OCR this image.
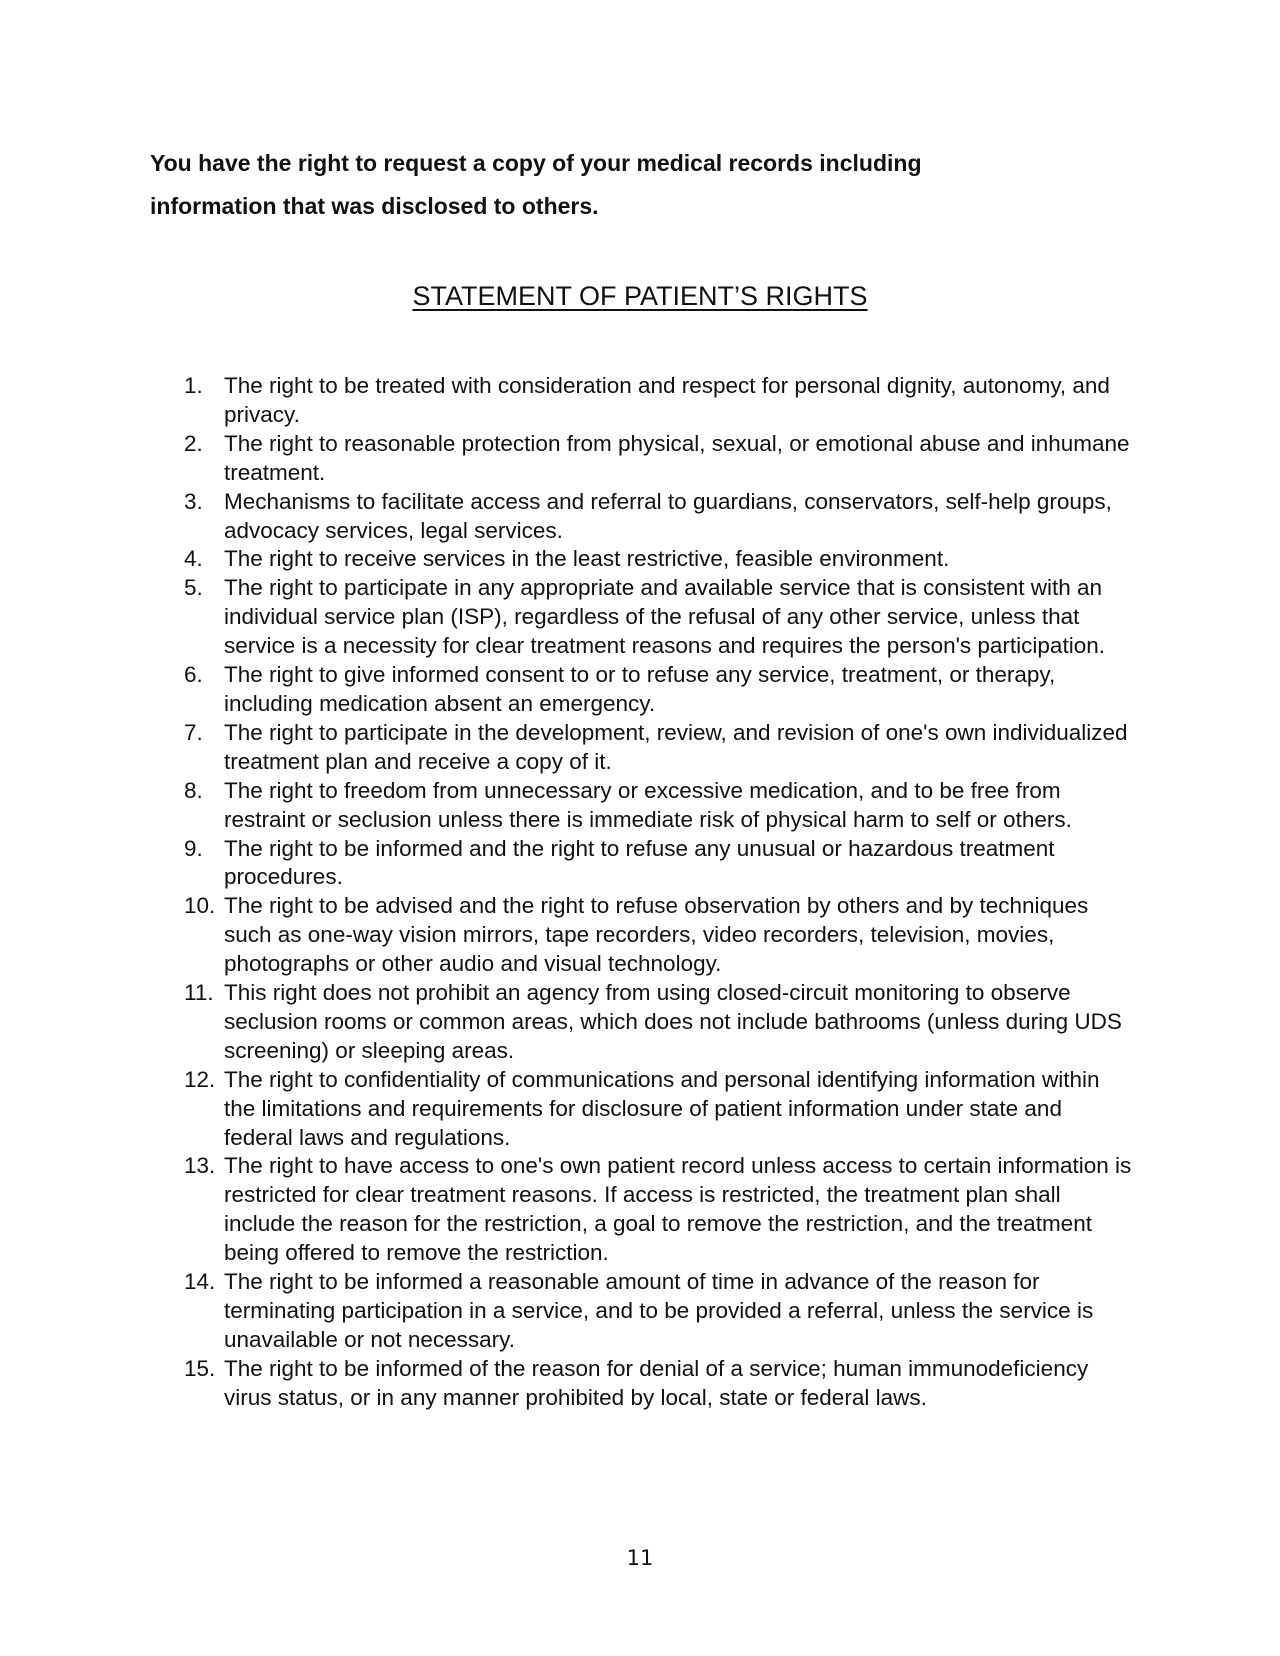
You have the right to request a copy of your medical records including
information that was disclosed to others.

STATEMENT OF PATIENT’S RIGHTS
1. The right to be treated with consideration and respect for personal dignity, autonomy, and privacy.
2. The right to reasonable protection from physical, sexual, or emotional abuse and inhumane treatment.
3. Mechanisms to facilitate access and referral to guardians, conservators, self-help groups, advocacy services, legal services.
4. The right to receive services in the least restrictive, feasible environment.
5. The right to participate in any appropriate and available service that is consistent with an individual service plan (ISP), regardless of the refusal of any other service, unless that service is a necessity for clear treatment reasons and requires the person's participation.
6. The right to give informed consent to or to refuse any service, treatment, or therapy, including medication absent an emergency.
7. The right to participate in the development, review, and revision of one's own individualized treatment plan and receive a copy of it.
8. The right to freedom from unnecessary or excessive medication, and to be free from restraint or seclusion unless there is immediate risk of physical harm to self or others.
9. The right to be informed and the right to refuse any unusual or hazardous treatment procedures.
10. The right to be advised and the right to refuse observation by others and by techniques such as one-way vision mirrors, tape recorders, video recorders, television, movies, photographs or other audio and visual technology.
11. This right does not prohibit an agency from using closed-circuit monitoring to observe seclusion rooms or common areas, which does not include bathrooms (unless during UDS screening) or sleeping areas.
12. The right to confidentiality of communications and personal identifying information within the limitations and requirements for disclosure of patient information under state and federal laws and regulations.
13. The right to have access to one's own patient record unless access to certain information is restricted for clear treatment reasons. If access is restricted, the treatment plan shall include the reason for the restriction, a goal to remove the restriction, and the treatment being offered to remove the restriction.
14. The right to be informed a reasonable amount of time in advance of the reason for terminating participation in a service, and to be provided a referral, unless the service is unavailable or not necessary.
15. The right to be informed of the reason for denial of a service; human immunodeficiency virus status, or in any manner prohibited by local, state or federal laws.

11
